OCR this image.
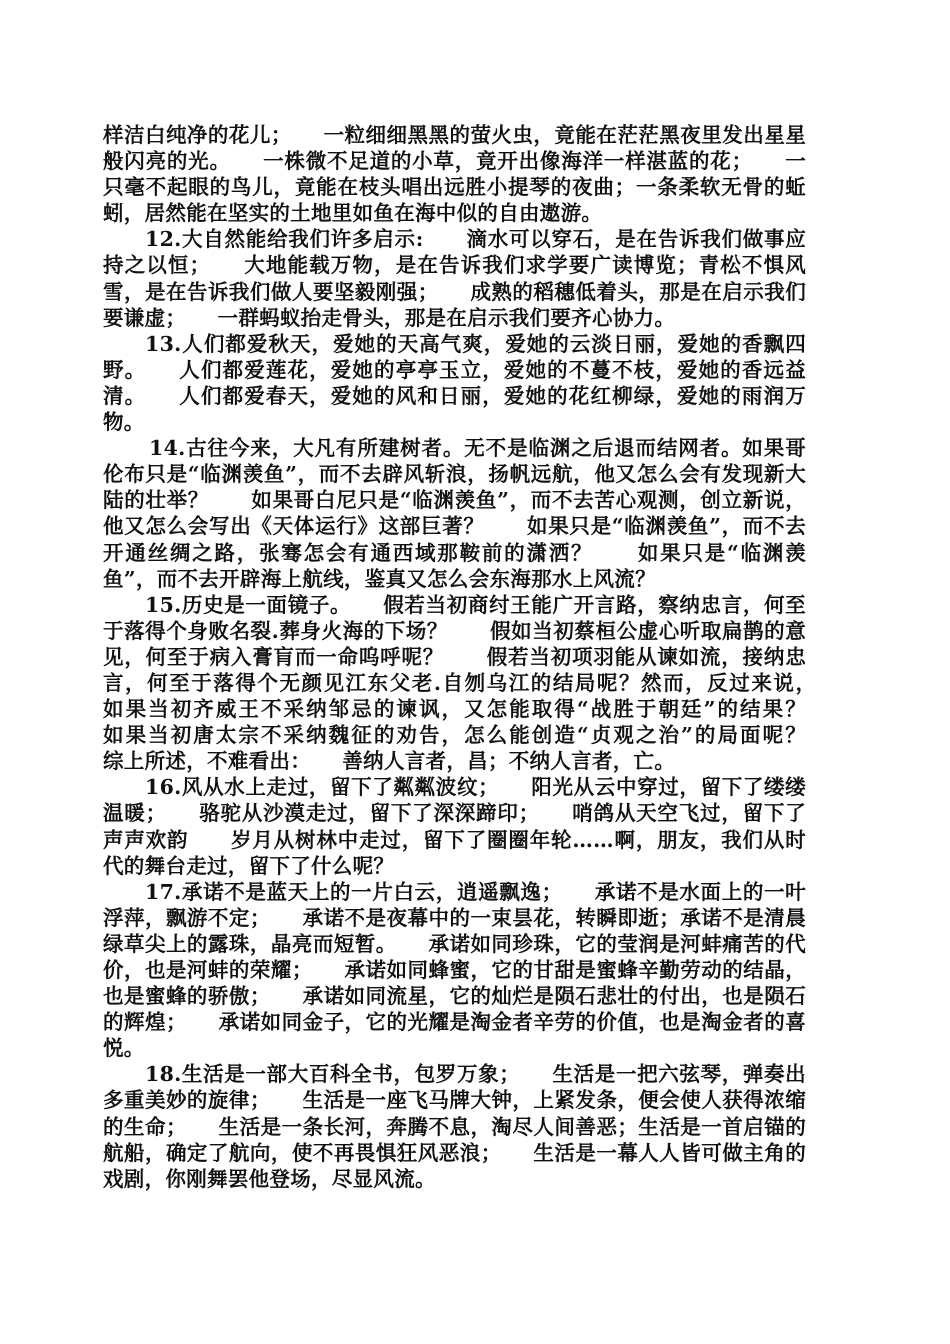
样洁白纯净的花儿；　　一粒细细黑黑的萤火虫，竟能在茫茫黑夜里发出星星般闪亮的光。　　一株微不足道的小草，竟开出像海洋一样湛蓝的花；　　一只毫不起眼的鸟儿，竟能在枝头唱出远胜小提琴的夜曲；一条柔软无骨的蚯蚓，居然能在坚实的土地里如鱼在海中似的自由遨游。

12.大自然能给我们许多启示:　　滴水可以穿石，是在告诉我们做事应持之以恒；　　大地能载万物，是在告诉我们求学要广读博览；青松不惧风雪，是在告诉我们做人要坚毅刚强；　　成熟的稻穗低着头，那是在启示我们要谦虚；　　一群蚂蚁抬走骨头，那是在启示我们要齐心协力。

13.人们都爱秋天，爱她的天高气爽，爱她的云淡日丽，爱她的香飘四野。　　人们都爱莲花，爱她的亭亭玉立，爱她的不蔓不枝，爱她的香远益清。　　人们都爱春天，爱她的风和日丽，爱她的花红柳绿，爱她的雨润万物。

14.古往今来，大凡有所建树者。无不是临渊之后退而结网者。如果哥伦布只是“临渊羡鱼”，而不去辟风斩浪，扬帆远航，他又怎么会有发现新大陆的壮举？　　如果哥白尼只是“临渊羡鱼”，而不去苦心观测，创立新说，他又怎么会写出《天体运行》这部巨著？　　如果只是“临渊羡鱼”，而不去开通丝绸之路，张骞怎会有通西域那鞍前的潇洒？　　如果只是“临渊羡鱼”，而不去开辟海上航线，鉴真又怎么会东海那水上风流？

15.历史是一面镜子。　　假若当初商纣王能广开言路，察纳忠言，何至于落得个身败名裂.葬身火海的下场？　　假如当初蔡桓公虚心听取扁鹊的意见，何至于病入膏肓而一命呜呼呢？　　假若当初项羽能从谏如流，接纳忠言，何至于落得个无颜见江东父老.自刎乌江的结局呢？然而，反过来说，　　如果当初齐威王不采纳邹忌的谏讽，又怎能取得“战胜于朝廷”的结果？　　如果当初唐太宗不采纳魏征的劝告，怎么能创造“贞观之治”的局面呢？　　综上所述，不难看出：　　善纳人言者，昌；不纳人言者，亡。

16.风从水上走过，留下了粼粼波纹；　　阳光从云中穿过，留下了缕缕温暖；　　骆驼从沙漠走过，留下了深深蹄印；　　哨鸽从天空飞过，留下了声声欢韵　　岁月从树林中走过，留下了圈圈年轮……啊，朋友，我们从时代的舞台走过，留下了什么呢？

17.承诺不是蓝天上的一片白云，逍遥飘逸；　　承诺不是水面上的一叶浮萍，飘游不定；　　承诺不是夜幕中的一束昙花，转瞬即逝；承诺不是清晨绿草尖上的露珠，晶亮而短暂。　　承诺如同珍珠，它的莹润是河蚌痛苦的代价，也是河蚌的荣耀；　　承诺如同蜂蜜，它的甘甜是蜜蜂辛勤劳动的结晶，也是蜜蜂的骄傲；　　承诺如同流星，它的灿烂是陨石悲壮的付出，也是陨石的辉煌；　　承诺如同金子，它的光耀是淘金者辛劳的价值，也是淘金者的喜悦。

18.生活是一部大百科全书，包罗万象；　　生活是一把六弦琴，弹奏出多重美妙的旋律；　　生活是一座飞马牌大钟，上紧发条，便会使人获得浓缩的生命；　　生活是一条长河，奔腾不息，淘尽人间善恶；生活是一首启锚的航船，确定了航向，使不再畏惧狂风恶浪；　　生活是一幕人人皆可做主角的戏剧，你刚舞罢他登场，尽显风流。
